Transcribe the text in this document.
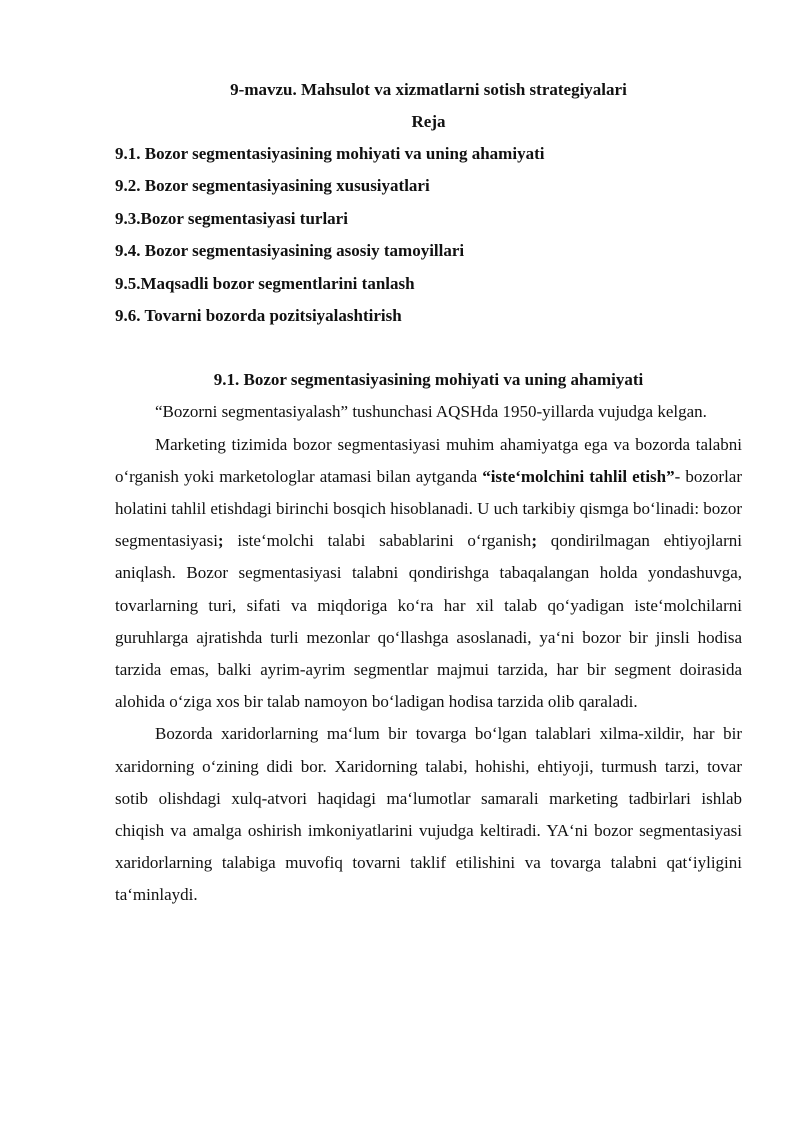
9-mavzu. Mahsulot va xizmatlarni sotish strategiyalari
Reja
9.1. Bozor segmentasiyasining mohiyati va uning ahamiyati
9.2. Bozor segmentasiyasining xususiyatlari
9.3.Bozor segmentasiyasi turlari
9.4. Bozor segmentasiyasining asosiy tamoyillari
9.5.Maqsadli bozor segmentlarini tanlash
9.6. Tovarni bozorda pozitsiyalashtirish
9.1. Bozor segmentasiyasining mohiyati va uning ahamiyati

“Bozorni segmentasiyalash” tushunchasi AQSHda 1950-yillarda vujudga kelgan.

Marketing tizimida bozor segmentasiyasi muhim ahamiyatga ega va bozorda talabni o‘rganish yoki marketologlar atamasi bilan aytganda “iste‘molchini tahlil etish”- bozorlar holatini tahlil etishdagi birinchi bosqich hisoblanadi. U uch tarkibiy qismga bo‘linadi: bozor segmentasiyasi; iste‘molchi talabi sabablarini o‘rganish; qondirilmagan ehtiyojlarni aniqlash. Bozor segmentasiyasi talabni qondirishga tabaqalangan holda yondashuvga, tovarlarning turi, sifati va miqdoriga ko‘ra har xil talab qo‘yadigan iste‘molchilarni guruhlarga ajratishda turli mezonlar qo‘llashga asoslanadi, ya‘ni bozor bir jinsli hodisa tarzida emas, balki ayrim-ayrim segmentlar majmui tarzida, har bir segment doirasida alohida o‘ziga xos bir talab namoyon bo‘ladigan hodisa tarzida olib qaraladi.

Bozorda xaridorlarning ma‘lum bir tovarga bo‘lgan talablari xilma-xildir, har bir xaridorning o‘zining didi bor. Xaridorning talabi, hohishi, ehtiyoji, turmush tarzi, tovar sotib olishdagi xulq-atvori haqidagi ma‘lumotlar samarali marketing tadbirlari ishlab chiqish va amalga oshirish imkoniyatlarini vujudga keltiradi. YA‘ni bozor segmentasiyasi xaridorlarning talabiga muvofiq tovarni taklif etilishini va tovarga talabni qat‘iyligini ta‘minlaydi.
